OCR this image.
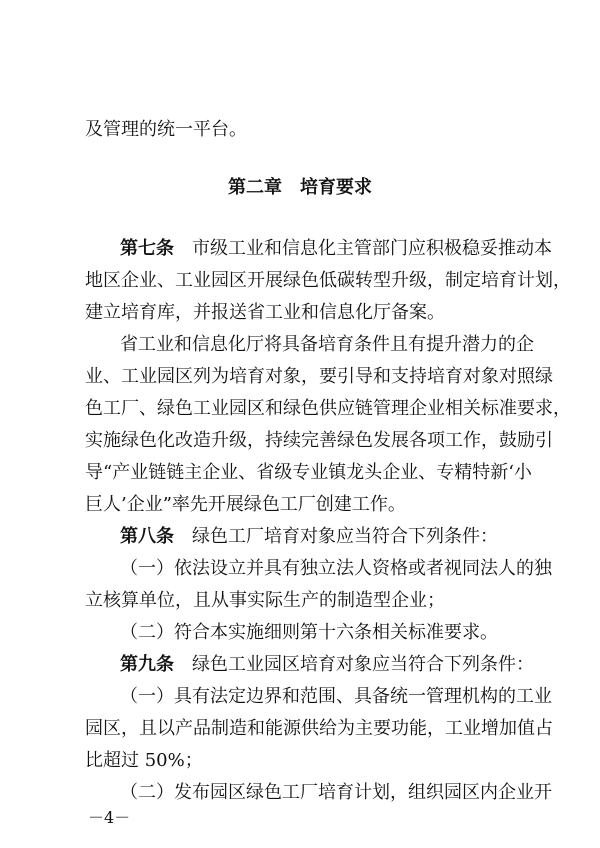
及管理的统一平台。
第二章　培育要求
第七条　市级工业和信息化主管部门应积极稳妥推动本
地区企业、工业园区开展绿色低碳转型升级，制定培育计划，
建立培育库，并报送省工业和信息化厅备案。
省工业和信息化厅将具备培育条件且有提升潜力的企
业、工业园区列为培育对象，要引导和支持培育对象对照绿
色工厂、绿色工业园区和绿色供应链管理企业相关标准要求，
实施绿色化改造升级，持续完善绿色发展各项工作，鼓励引
导“产业链链主企业、省级专业镇龙头企业、专精特新‘小
巨人’企业”率先开展绿色工厂创建工作。
第八条　绿色工厂培育对象应当符合下列条件：
（一）依法设立并具有独立法人资格或者视同法人的独
立核算单位，且从事实际生产的制造型企业；
（二）符合本实施细则第十六条相关标准要求。
第九条　绿色工业园区培育对象应当符合下列条件：
（一）具有法定边界和范围、具备统一管理机构的工业
园区，且以产品制造和能源供给为主要功能，工业增加值占
比超过 50%；
（二）发布园区绿色工厂培育计划，组织园区内企业开
－4－
